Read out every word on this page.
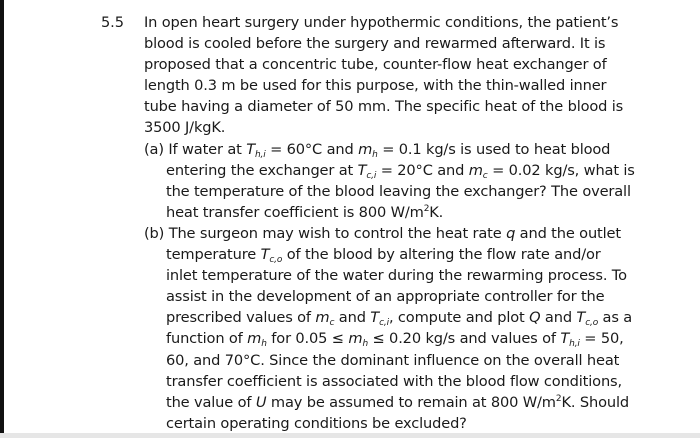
5.5 In open heart surgery under hypothermic conditions, the patient’s
blood is cooled before the surgery and rewarmed afterward. It is
proposed that a concentric tube, counter-flow heat exchanger of
length 0.3 m be used for this purpose, with the thin-walled inner
tube having a diameter of 50 mm. The specific heat of the blood is
3500 J/kgK.
(a) If water at $T_{h,i} = 60^\circ C$ and $m_h = 0.1$ kg/s is used to heat blood
entering the exchanger at $T_{c,i} = 20^\circ C$ and $m_c = 0.02$ kg/s, what is
the temperature of the blood leaving the exchanger? The overall
heat transfer coefficient is 800 $W/m^2K$.
(b) The surgeon may wish to control the heat rate q and the outlet
temperature $T_{c,o}$ of the blood by altering the flow rate and/or
inlet temperature of the water during the rewarming process. To
assist in the development of an appropriate controller for the
prescribed values of $m_c$ and $T_{c,i}$, compute and plot Q and $T_{c,o}$ as a
function of $m_h$ for $0.05 \le m_h \le 0.20$ kg/s and values of $T_{h,i} = 50$,
60, and 70°C. Since the dominant influence on the overall heat
transfer coefficient is associated with the blood flow conditions,
the value of U may be assumed to remain at 800 $W/m^2K$. Should
certain operating conditions be excluded?
